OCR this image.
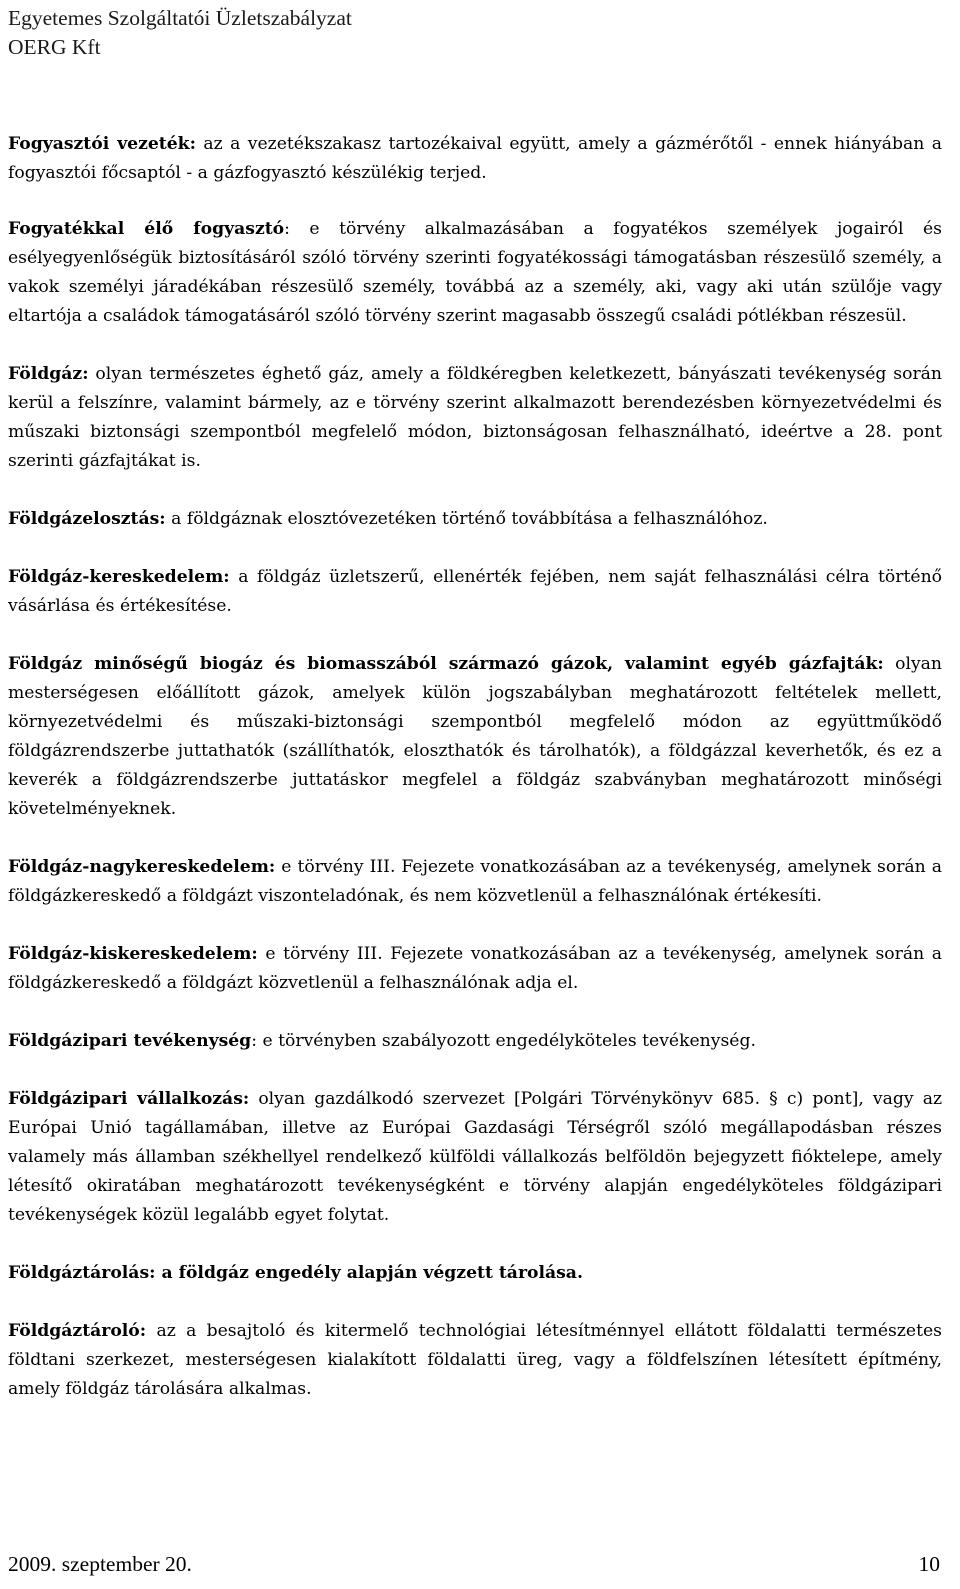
Egyetemes Szolgáltatói Üzletszabályzat
OERG Kft

Fogyasztói vezeték: az a vezetékszakasz tartozékaival együtt, amely a gázmérőtől - ennek hiányában a fogyasztói főcsaptól - a gázfogyasztó készülékig terjed.

Fogyatékkal élő fogyasztó: e törvény alkalmazásában a fogyatékos személyek jogairól és esélyegyenlőségük biztosításáról szóló törvény szerinti fogyatékossági támogatásban részesülő személy, a vakok személyi járadékában részesülő személy, továbbá az a személy, aki, vagy aki után szülője vagy eltartója a családok támogatásáról szóló törvény szerint magasabb összegű családi pótlékban részesül.

Földgáz: olyan természetes éghető gáz, amely a földkéregben keletkezett, bányászati tevékenység során kerül a felszínre, valamint bármely, az e törvény szerint alkalmazott berendezésben környezetvédelmi és műszaki biztonsági szempontból megfelelő módon, biztonságosan felhasználható, ideértve a 28. pont szerinti gázfajtákat is.

Földgázelosztás: a földgáznak elosztóvezetéken történő továbbítása a felhasználóhoz.

Földgáz-kereskedelem: a földgáz üzletszerű, ellenérték fejében, nem saját felhasználási célra történő vásárlása és értékesítése.

Földgáz minőségű biogáz és biomasszából származó gázok, valamint egyéb gázfajták: olyan mesterségesen előállított gázok, amelyek külön jogszabályban meghatározott feltételek mellett, környezetvédelmi és műszaki-biztonsági szempontból megfelelő módon az együttműködő földgázrendszerbe juttathatók (szállíthatók, eloszthatók és tárolhatók), a földgázzal keverhetők, és ez a keverék a földgázrendszerbe juttatáskor megfelel a földgáz szabványban meghatározott minőségi követelményeknek.

Földgáz-nagykereskedelem: e törvény III. Fejezete vonatkozásában az a tevékenység, amelynek során a földgázkereskedő a földgázt viszonteladónak, és nem közvetlenül a felhasználónak értékesíti.

Földgáz-kiskereskedelem: e törvény III. Fejezete vonatkozásában az a tevékenység, amelynek során a földgázkereskedő a földgázt közvetlenül a felhasználónak adja el.

Földgázipari tevékenység: e törvényben szabályozott engedélyköteles tevékenység.

Földgázipari vállalkozás: olyan gazdálkodó szervezet [Polgári Törvénykönyv 685. § c) pont], vagy az Európai Unió tagállamában, illetve az Európai Gazdasági Térségről szóló megállapodásban részes valamely más államban székhellyel rendelkező külföldi vállalkozás belföldön bejegyzett fióktelepe, amely létesítő okiratában meghatározott tevékenységként e törvény alapján engedélyköteles földgázipari tevékenységek közül legalább egyet folytat.

Földgáztárolás: a földgáz engedély alapján végzett tárolása.

Földgáztároló: az a besajtoló és kitermelő technológiai létesítménnyel ellátott földalatti természetes földtani szerkezet, mesterségesen kialakított földalatti üreg, vagy a földfelszínen létesített építmény, amely földgáz tárolására alkalmas.

2009. szeptember 20.	10
